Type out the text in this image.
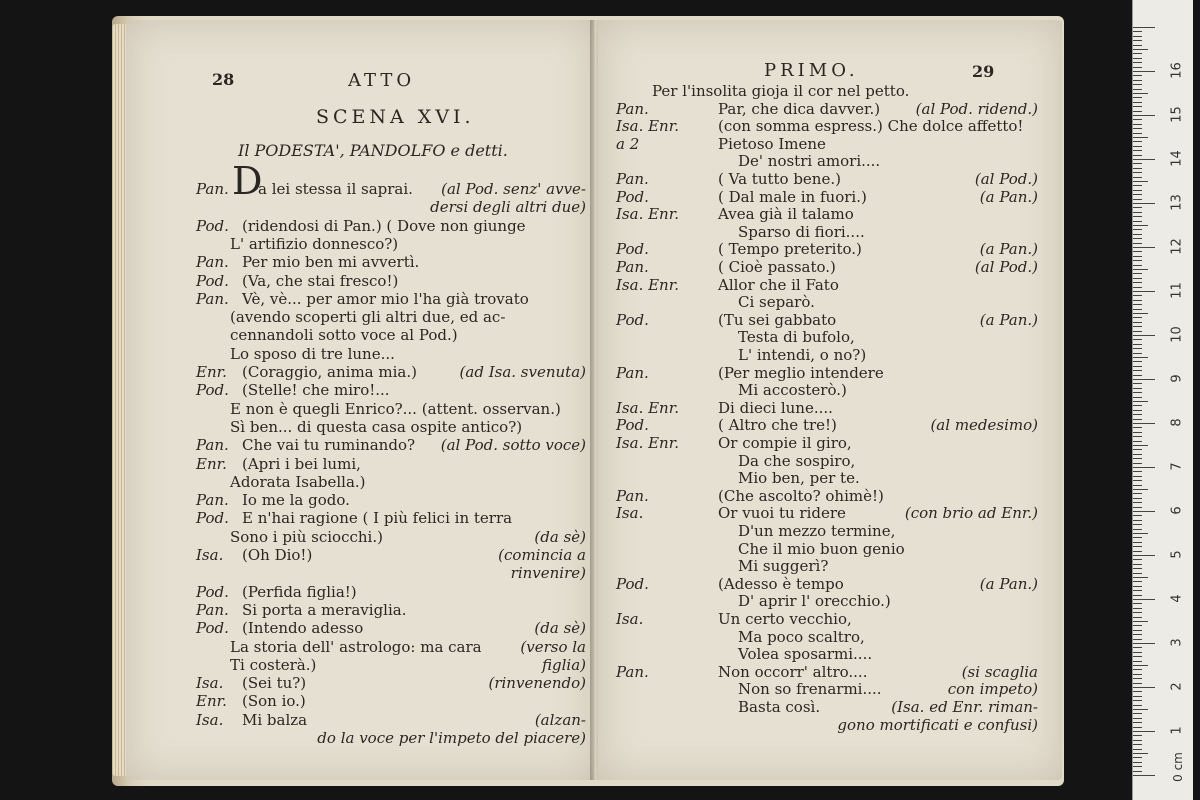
28	ATTO
SCENA XVI.
Il PODESTA', PANDOLFO e detti.
D
Pan. a lei stessa il saprai. (al Pod. senz' avve-
dersi degli altri due)
Pod. (ridendosi di Pan.) ( Dove non giunge
L' artifizio donnesco?)
Pan. Per mio ben mi avvertì.
Pod. (Va, che stai fresco!)
Pan. Vè, vè... per amor mio l'ha già trovato
(avendo scoperti gli altri due, ed ac-
cennandoli sotto voce al Pod.)
Lo sposo di tre lune...
Enr. (Coraggio, anima mia.)	(ad Isa. svenuta)
Pod. (Stelle! che miro!...
E non è quegli Enrico?... (attent. osservan.)
Sì ben... di questa casa ospite antico?)
Pan. Che vai tu ruminando? (al Pod. sotto voce)
Enr. (Apri i bei lumi,
Adorata Isabella.)
Pan. Io me la godo.
Pod. E n'hai ragione ( I più felici in terra
Sono i più sciocchi.)	(da sè)
Isa. (Oh Dio!)	(comincia a
rinvenire)
Pod. (Perfida figlia!)
Pan. Si porta a meraviglia.
Pod. (Intendo adesso	(da sè)
La storia dell' astrologo: ma cara	(verso la
Ti costerà.)	figlia)
Isa. (Sei tu?)	(rinvenendo)
Enr. (Son io.)
Isa. Mi balza	(alzan-
do la voce per l'impeto del piacere)
PRIMO.	29
Per l'insolita gioja il cor nel petto.
Pan.	Par, che dica davver.) (al Pod. ridend.)
Isa. Enr.	(con somma espress.) Che dolce affetto!
a 2	Pietoso Imene
De' nostri amori....
Pan.	( Va tutto bene.)	(al Pod.)
Pod.	( Dal male in fuori.)	(a Pan.)
Isa. Enr.	Avea già il talamo
Sparso di fiori....
Pod.	( Tempo preterito.)	(a Pan.)
Pan.	( Cioè passato.)	(al Pod.)
Isa. Enr.	Allor che il Fato
Ci separò.
Pod.	(Tu sei gabbato	(a Pan.)
Testa di bufolo,
L' intendi, o no?)
Pan.	(Per meglio intendere
Mi accosterò.)
Isa. Enr.	Di dieci lune....
Pod.	( Altro che tre!)	(al medesimo)
Isa. Enr.	Or compie il giro,
Da che sospiro,
Mio ben, per te.
Pan.	(Che ascolto? ohimè!)
Isa.	Or vuoi tu ridere	(con brio ad Enr.)
D'un mezzo termine,
Che il mio buon genio
Mi suggerì?
Pod.	(Adesso è tempo	(a Pan.)
D' aprir l' orecchio.)
Isa.	Un certo vecchio,
Ma poco scaltro,
Volea sposarmi....
Pan.	Non occorr' altro....	(si scaglia
Non so frenarmi....	con impeto)
Basta così.	(Isa. ed Enr. riman-
gono mortificati e confusi)
0 cm
1
2
3
4
5
6
7
8
9
10
11
12
13
14
15
16
